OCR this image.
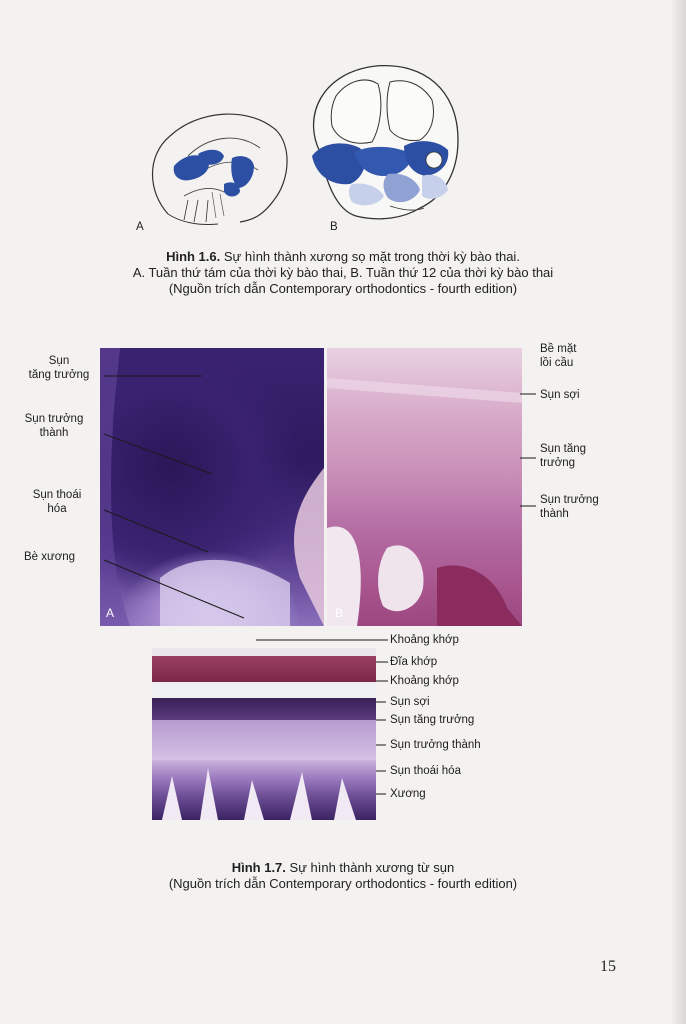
A	B
Hình 1.6. Sự hình thành xương sọ mặt trong thời kỳ bào thai.
A. Tuần thứ tám của thời kỳ bào thai, B. Tuần thứ 12 của thời kỳ bào thai
(Nguồn trích dẫn Contemporary orthodontics - fourth edition)
A	B
Sụn
tăng trưởng
Sụn trưởng
thành
Sụn thoái
hóa
Bè xương
Bề mặt
lồi cầu
Sụn sợi
Sụn tăng
trưởng
Sụn trưởng
thành
Khoảng khớp
Đĩa khớp
Khoảng khớp
Sụn sợi
Sụn tăng trưởng
Sụn trưởng thành
Sụn thoái hóa
Xương
Hình 1.7. Sự hình thành xương từ sụn
(Nguồn trích dẫn Contemporary orthodontics - fourth edition)
15
